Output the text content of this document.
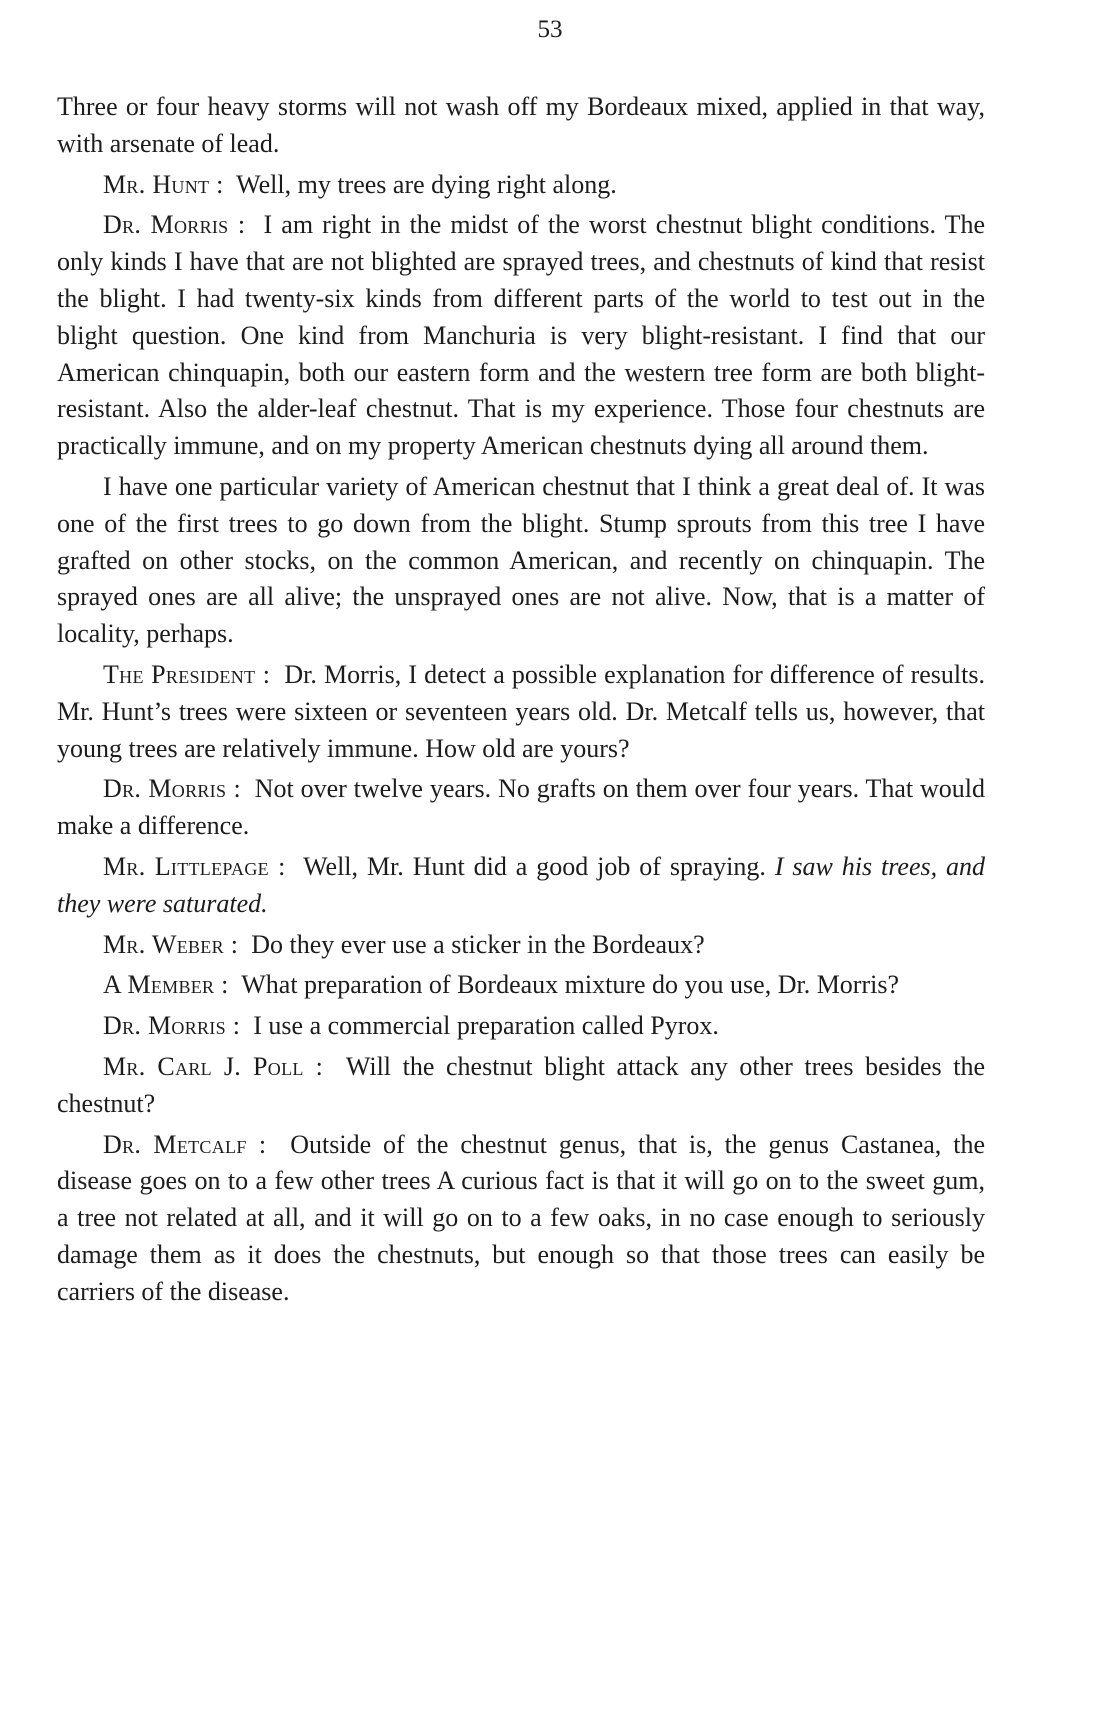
53

Three or four heavy storms will not wash off my Bordeaux mixed, applied in that way, with arsenate of lead.

Mr. Hunt : Well, my trees are dying right along.

Dr. Morris : I am right in the midst of the worst chestnut blight conditions. The only kinds I have that are not blighted are sprayed trees, and chestnuts of kind that resist the blight. I had twenty-six kinds from different parts of the world to test out in the blight question. One kind from Manchuria is very blight-resistant. I find that our American chinquapin, both our eastern form and the western tree form are both blight-resistant. Also the alder-leaf chestnut. That is my experience. Those four chestnuts are practically immune, and on my property American chestnuts dying all around them.

I have one particular variety of American chestnut that I think a great deal of. It was one of the first trees to go down from the blight. Stump sprouts from this tree I have grafted on other stocks, on the common American, and recently on chinquapin. The sprayed ones are all alive; the unsprayed ones are not alive. Now, that is a matter of locality, perhaps.

The President : Dr. Morris, I detect a possible explanation for difference of results. Mr. Hunt’s trees were sixteen or seventeen years old. Dr. Metcalf tells us, however, that young trees are relatively immune. How old are yours?

Dr. Morris : Not over twelve years. No grafts on them over four years. That would make a difference.

Mr. Littlepage : Well, Mr. Hunt did a good job of spraying. I saw his trees, and they were saturated.

Mr. Weber : Do they ever use a sticker in the Bordeaux?

A Member : What preparation of Bordeaux mixture do you use, Dr. Morris?

Dr. Morris : I use a commercial preparation called Pyrox.

Mr. Carl J. Poll : Will the chestnut blight attack any other trees besides the chestnut?

Dr. Metcalf : Outside of the chestnut genus, that is, the genus Castanea, the disease goes on to a few other trees A curious fact is that it will go on to the sweet gum, a tree not related at all, and it will go on to a few oaks, in no case enough to seriously damage them as it does the chestnuts, but enough so that those trees can easily be carriers of the disease.
